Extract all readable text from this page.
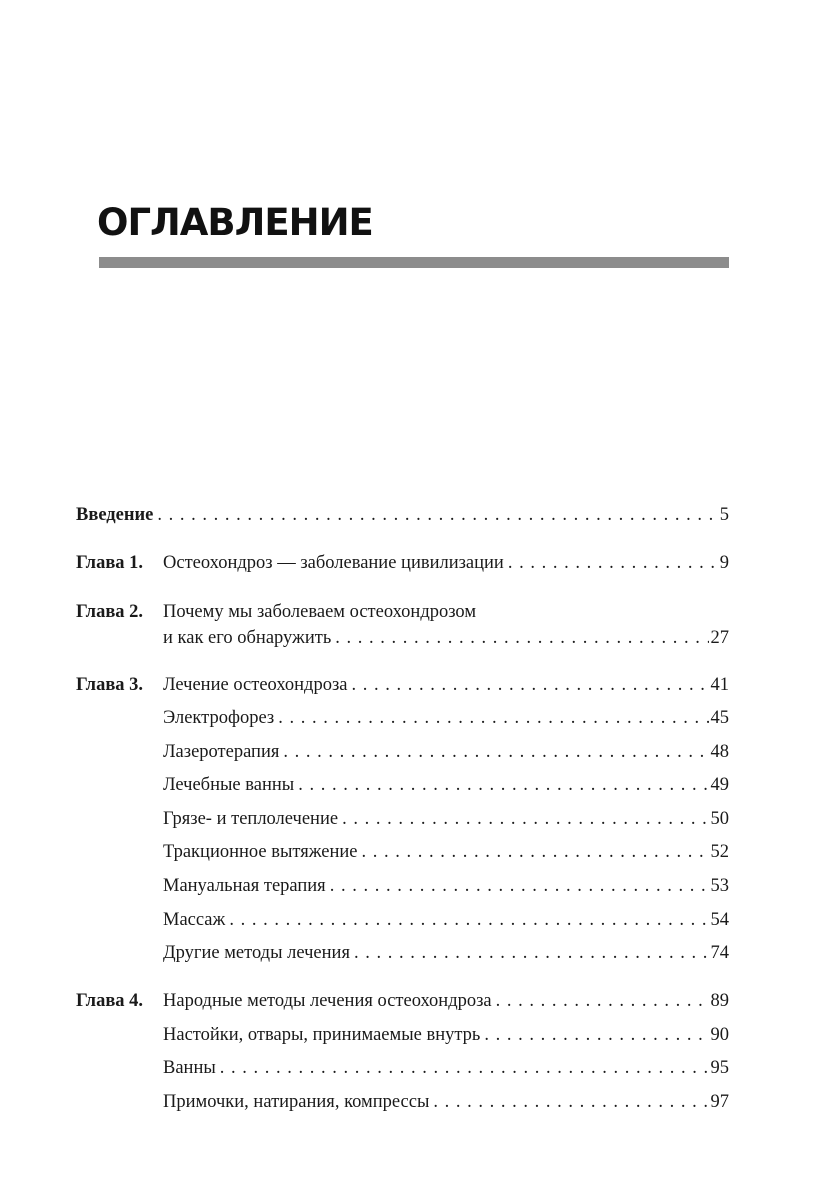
ОГЛАВЛЕНИЕ
Введение . . .	5
Глава 1.	Остеохондроз — заболевание цивилизации . . .	9
Глава 2.	Почему мы заболеваем остеохондрозом
и как его обнаружить . . .	27
Глава 3.	Лечение остеохондроза . . .	41
Электрофорез . . .	45
Лазеротерапия . . .	48
Лечебные ванны . . .	49
Грязе- и теплолечение . . .	50
Тракционное вытяжение . . .	52
Мануальная терапия . . .	53
Массаж . . .	54
Другие методы лечения . . .	74
Глава 4.	Народные методы лечения остеохондроза . . .	89
Настойки, отвары, принимаемые внутрь . . .	90
Ванны . . .	95
Примочки, натирания, компрессы . . .	97
